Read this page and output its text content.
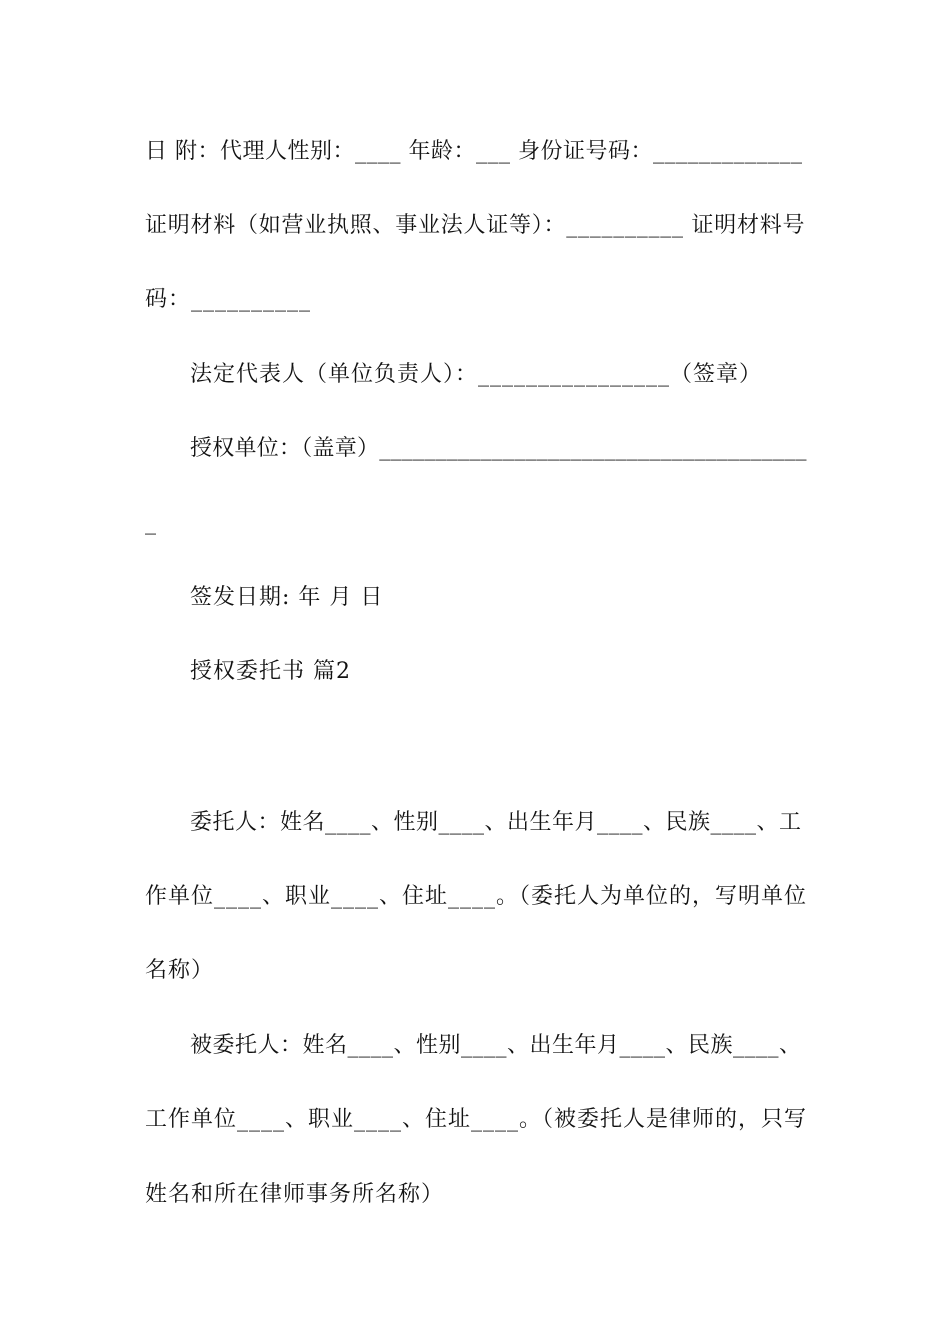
日 附：代理人性别：____ 年龄：___ 身份证号码：_____________
证明材料（如营业执照、事业法人证等）：__________ 证明材料号
码：__________
法定代表人（单位负责人）：________________（签章）
授权单位：（盖章）______________________________________
_
签发日期: 年 月 日
授权委托书 篇2
委托人：姓名____、性别____、出生年月____、民族____、工
作单位____、职业____、住址____。（委托人为单位的，写明单位
名称）
被委托人：姓名____、性别____、出生年月____、民族____、
工作单位____、职业____、住址____。（被委托人是律师的，只写
姓名和所在律师事务所名称）
